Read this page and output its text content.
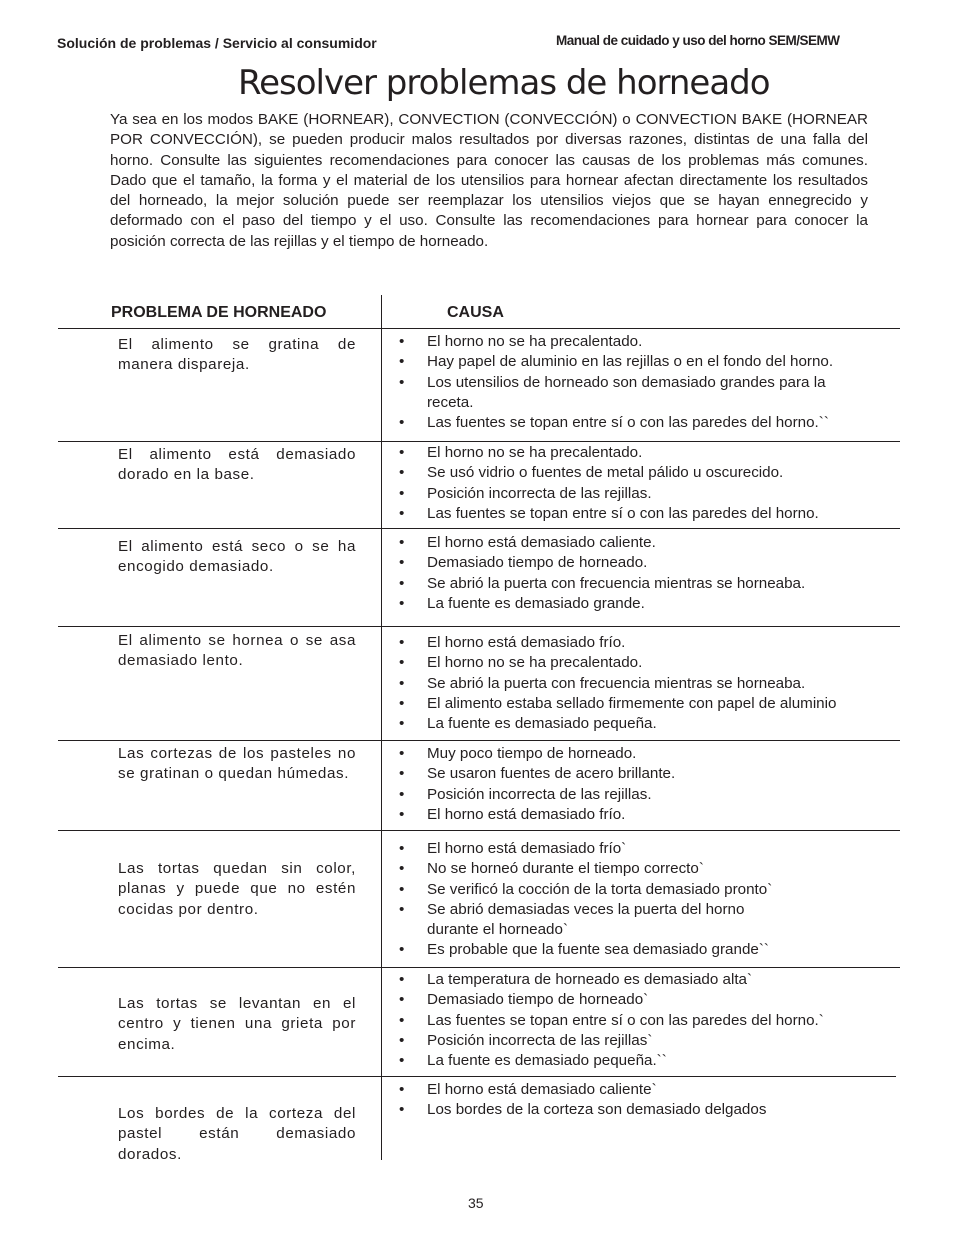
Solución de problemas / Servicio al consumidor	Manual de cuidado y uso del horno SEM/SEMW
Resolver problemas de horneado

Ya sea en los modos BAKE (HORNEAR), CONVECTION (CONVECCIÓN) o CONVECTION BAKE (HORNEAR POR CONVECCIÓN), se pueden producir malos resultados por diversas razones, distintas de una falla del horno. Consulte las siguientes recomendaciones para conocer las causas de los problemas más comunes. Dado que el tamaño, la forma y el material de los utensilios para hornear afectan directamente los resultados del horneado, la mejor solución puede ser reemplazar los utensilios viejos que se hayan ennegrecido y deformado con el paso del tiempo y el uso. Consulte las recomendaciones para hornear para conocer la posición correcta de las rejillas y el tiempo de horneado.

PROBLEMA DE HORNEADO	CAUSA
El alimento se gratina de manera dispareja.
• El horno no se ha precalentado.
• Hay papel de aluminio en las rejillas o en el fondo del horno.
• Los utensilios de horneado son demasiado grandes para la
receta.
• Las fuentes se topan entre sí o con las paredes del horno.``
El alimento está demasiado dorado en la base.
• El horno no se ha precalentado.
• Se usó vidrio o fuentes de metal pálido u oscurecido.
• Posición incorrecta de las rejillas.
• Las fuentes se topan entre sí o con las paredes del horno.
El alimento está seco o se ha encogido demasiado.
• El horno está demasiado caliente.
• Demasiado tiempo de horneado.
• Se abrió la puerta con frecuencia mientras se horneaba.
• La fuente es demasiado grande.
El alimento se hornea o se asa demasiado lento.
• El horno está demasiado frío.
• El horno no se ha precalentado.
• Se abrió la puerta con frecuencia mientras se horneaba.
• El alimento estaba sellado firmemente con papel de aluminio
• La fuente es demasiado pequeña.
Las cortezas de los pasteles no se gratinan o quedan húmedas.
• Muy poco tiempo de horneado.
• Se usaron fuentes de acero brillante.
• Posición incorrecta de las rejillas.
• El horno está demasiado frío.
Las tortas quedan sin color, planas y puede que no estén cocidas por dentro.
• El horno está demasiado frío`
• No se horneó durante el tiempo correcto`
• Se verificó la cocción de la torta demasiado pronto`
• Se abrió demasiadas veces la puerta del horno
durante el horneado`
• Es probable que la fuente sea demasiado grande``
Las tortas se levantan en el centro y tienen una grieta por encima.
• La temperatura de horneado es demasiado alta`
• Demasiado tiempo de horneado`
• Las fuentes se topan entre sí o con las paredes del horno.`
• Posición incorrecta de las rejillas`
• La fuente es demasiado pequeña.``
Los bordes de la corteza del pastel están demasiado dorados.
• El horno está demasiado caliente`
• Los bordes de la corteza son demasiado delgados
35
